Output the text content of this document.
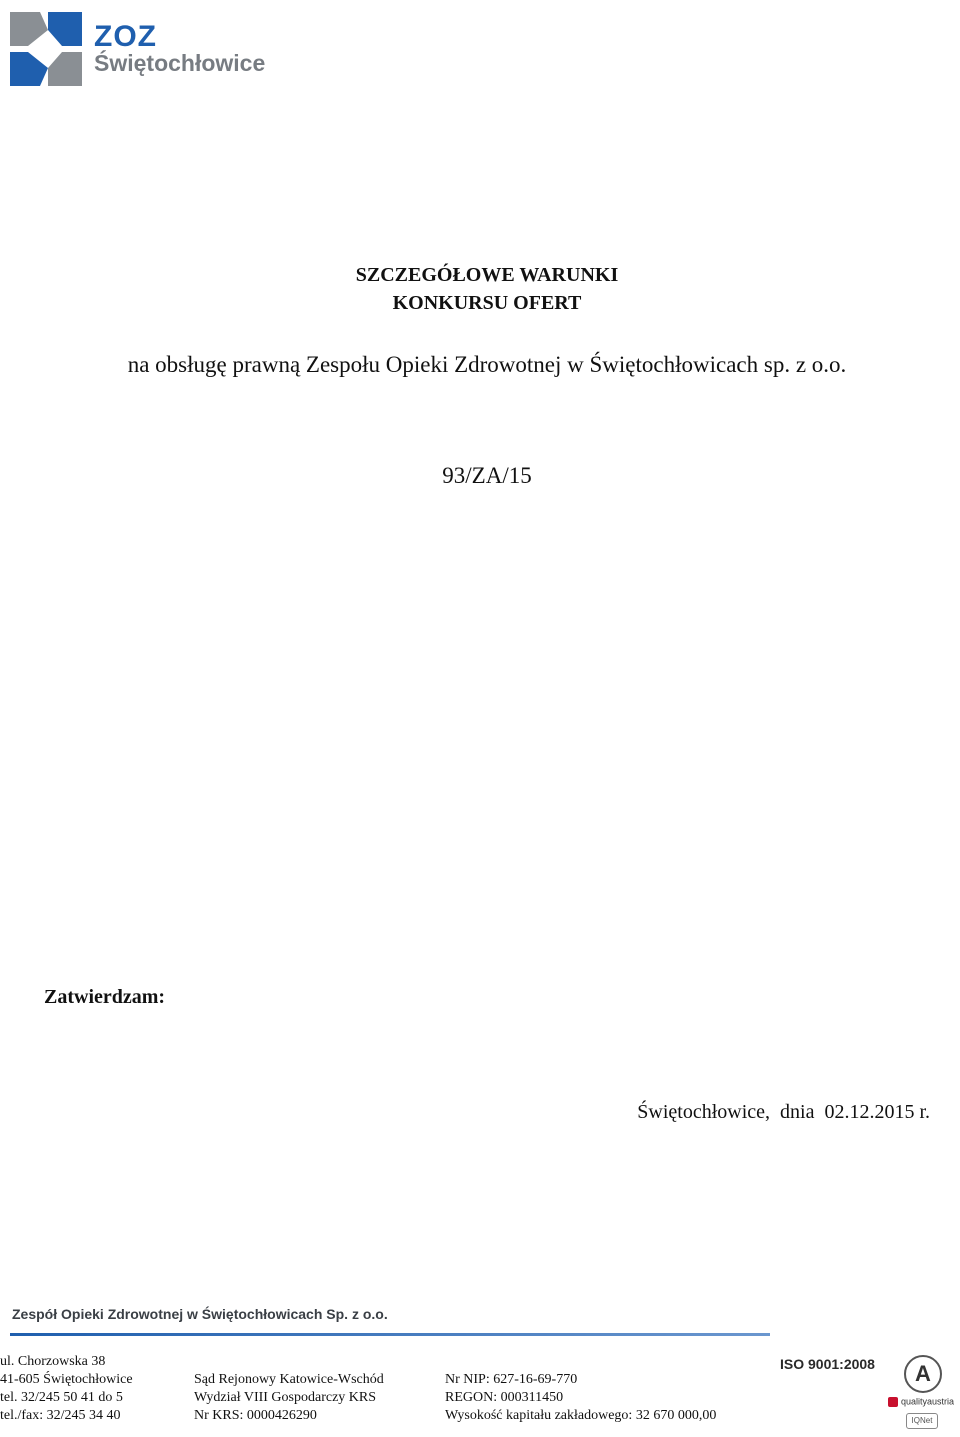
ZOZ
Świętochłowice
SZCZEGÓŁOWE WARUNKI
KONKURSU OFERT
na obsługę prawną Zespołu Opieki Zdrowotnej w Świętochłowicach sp. z o.o.
93/ZA/15
Zatwierdzam:
Świętochłowice,  dnia  02.12.2015 r.
Zespół Opieki Zdrowotnej w Świętochłowicach Sp. z o.o.
ul. Chorzowska 38
41-605 Świętochłowice
tel. 32/245 50 41 do 5
tel./fax: 32/245 34 40
Sąd Rejonowy Katowice-Wschód
Wydział VIII Gospodarczy KRS
Nr KRS: 0000426290
Nr NIP: 627-16-69-770
REGON: 000311450
Wysokość kapitału zakładowego: 32 670 000,00
ISO 9001:2008	A
qualityaustria
IQNet
